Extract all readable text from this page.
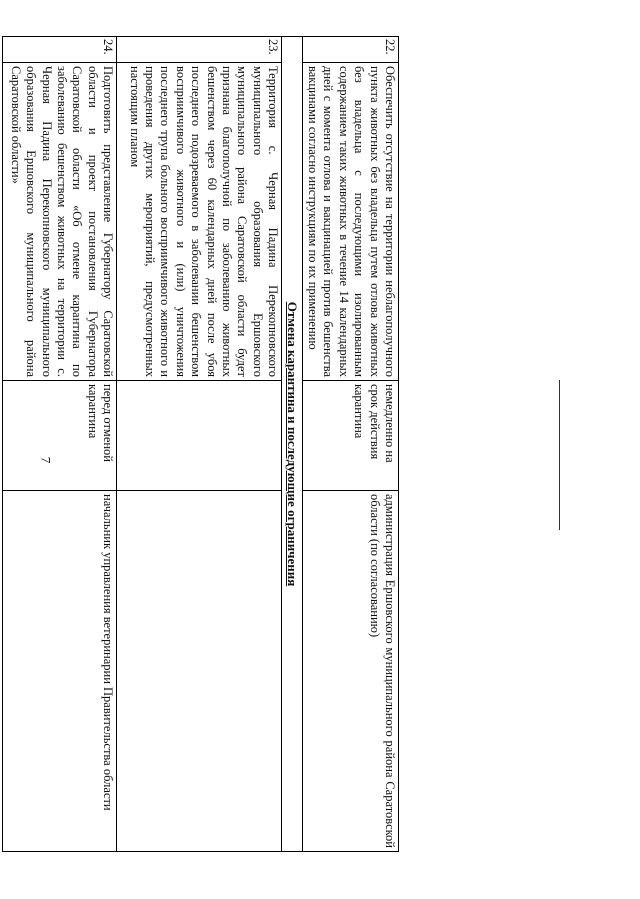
7
22.	Обеспечить отсутствие на территории неблагополучного пункта животных без владельца путем отлова животных без владельца с последующими изолированным содержанием таких животных в течение 14 календарных дней с момента отлова и вакцинацией против бешенства вакцинами согласно инструкциям по их применению	немедленно на срок действия карантина	администрация Ершовского муниципального района Саратовской области (по согласованию)
Отмена карантина и последующие ограничения			
23.	Территория с. Черная Падина Перекопновского муниципального образования Ершовского муниципального района Саратовской области будет признана благополучной по заболеванию животных бешенством через 60 календарных дней после убоя последнего подозреваемого в заболевании бешенством восприимчивого животного и (или) уничтожения последнего трупа больного восприимчивого животного и проведения других мероприятий, предусмотренных настоящим планом		
24.	Подготовить представление Губернатору Саратовской области и проект постановления Губернатора Саратовской области «Об отмене карантина по заболеванию бешенством животных на территории с. Черная Падина Перекопновского муниципального образования Ершовского муниципального района Саратовской области»	перед отменой карантина	начальник управления ветеринарии Правительства области
